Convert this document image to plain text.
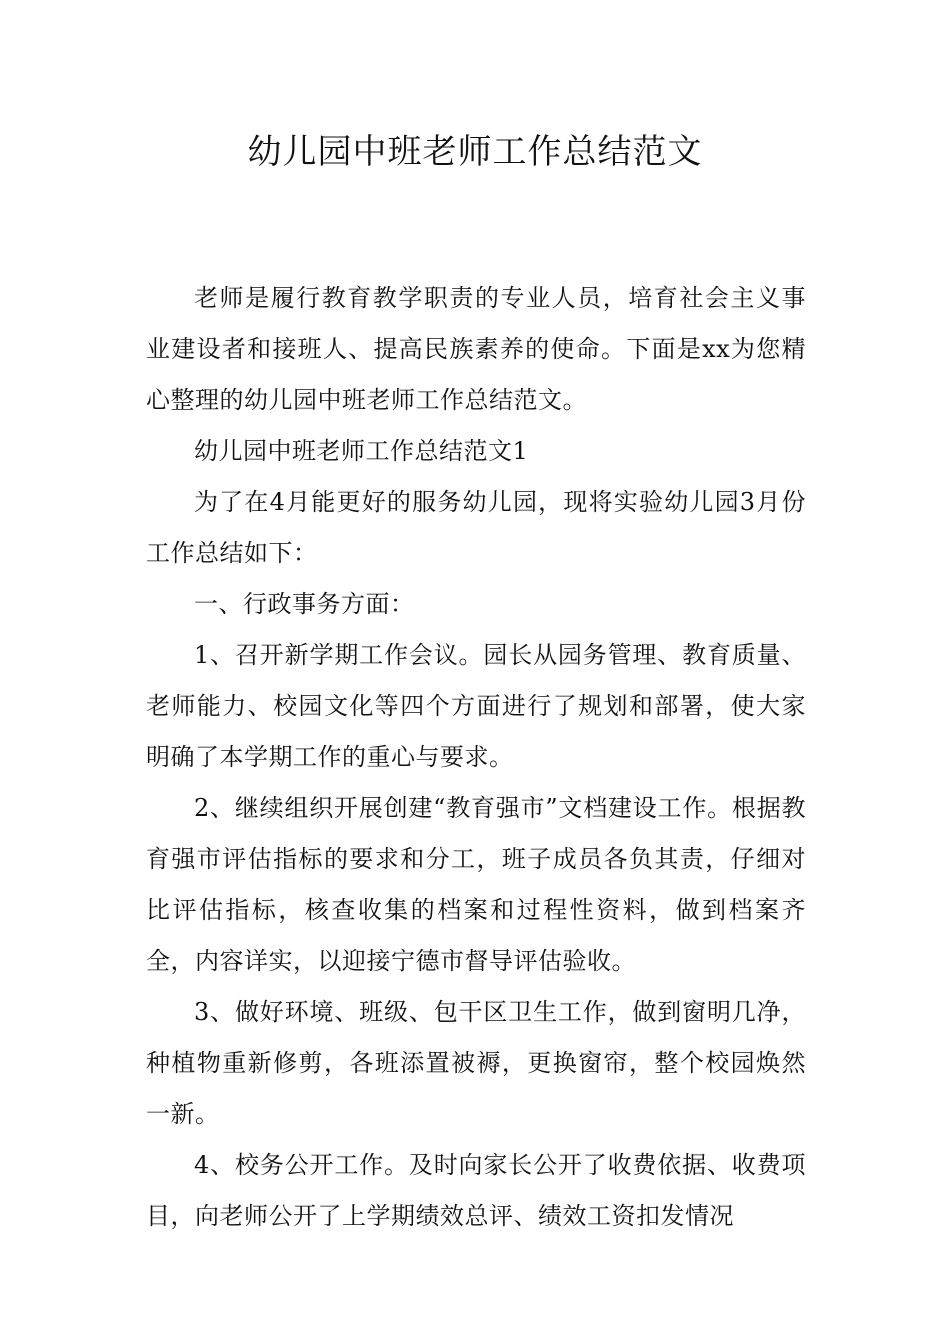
幼儿园中班老师工作总结范文

老师是履行教育教学职责的专业人员，培育社会主义事业建设者和接班人、提高民族素养的使命。下面是xx为您精心整理的幼儿园中班老师工作总结范文。

幼儿园中班老师工作总结范文1

为了在4月能更好的服务幼儿园，现将实验幼儿园3月份工作总结如下：

一、行政事务方面：

1、召开新学期工作会议。园长从园务管理、教育质量、老师能力、校园文化等四个方面进行了规划和部署，使大家明确了本学期工作的重心与要求。

2、继续组织开展创建“教育强市”文档建设工作。根据教育强市评估指标的要求和分工，班子成员各负其责，仔细对比评估指标，核查收集的档案和过程性资料，做到档案齐全，内容详实，以迎接宁德市督导评估验收。

3、做好环境、班级、包干区卫生工作，做到窗明几净，种植物重新修剪，各班添置被褥，更换窗帘，整个校园焕然一新。

4、校务公开工作。及时向家长公开了收费依据、收费项目，向老师公开了上学期绩效总评、绩效工资扣发情况
